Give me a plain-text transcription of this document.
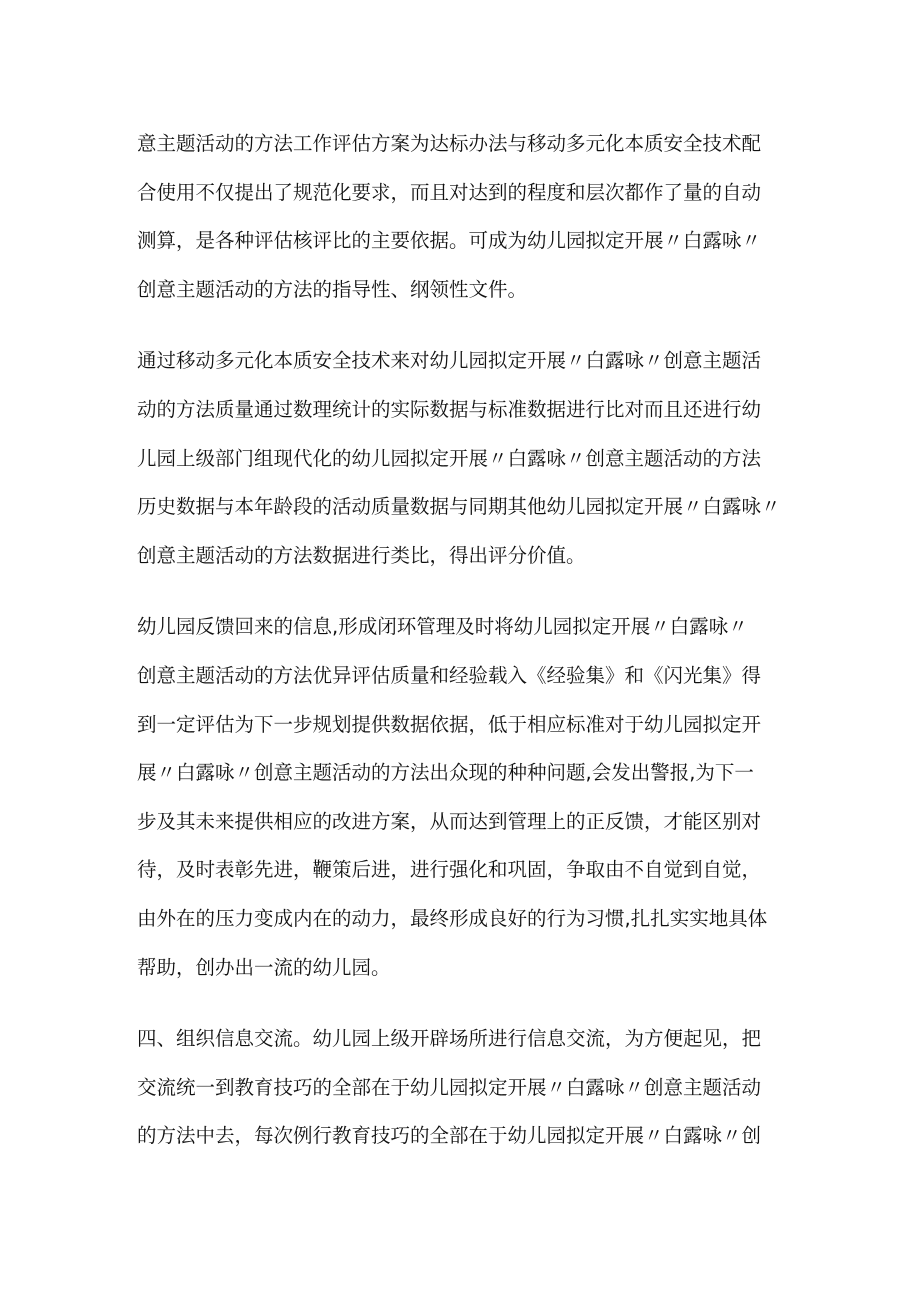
意主题活动的方法工作评估方案为达标办法与移动多元化本质安全技术配
合使用不仅提出了规范化要求，而且对达到的程度和层次都作了量的自动
测算，是各种评估核评比的主要依据。可成为幼儿园拟定开展〃白露咏〃
创意主题活动的方法的指导性、纲领性文件。
通过移动多元化本质安全技术来对幼儿园拟定开展〃白露咏〃创意主题活
动的方法质量通过数理统计的实际数据与标准数据进行比对而且还进行幼
儿园上级部门组现代化的幼儿园拟定开展〃白露咏〃创意主题活动的方法
历史数据与本年龄段的活动质量数据与同期其他幼儿园拟定开展〃白露咏〃
创意主题活动的方法数据进行类比，得出评分价值。
幼儿园反馈回来的信息,形成闭环管理及时将幼儿园拟定开展〃白露咏〃
创意主题活动的方法优异评估质量和经验载入《经验集》和《闪光集》得
到一定评估为下一步规划提供数据依据，低于相应标准对于幼儿园拟定开
展〃白露咏〃创意主题活动的方法出众现的种种问题,会发出警报,为下一
步及其未来提供相应的改进方案，从而达到管理上的正反馈，才能区别对
待，及时表彰先进，鞭策后进，进行强化和巩固，争取由不自觉到自觉，
由外在的压力变成内在的动力，最终形成良好的行为习惯,扎扎实实地具体
帮助，创办出一流的幼儿园。
四、组织信息交流。幼儿园上级开辟场所进行信息交流，为方便起见，把
交流统一到教育技巧的全部在于幼儿园拟定开展〃白露咏〃创意主题活动
的方法中去，每次例行教育技巧的全部在于幼儿园拟定开展〃白露咏〃创
